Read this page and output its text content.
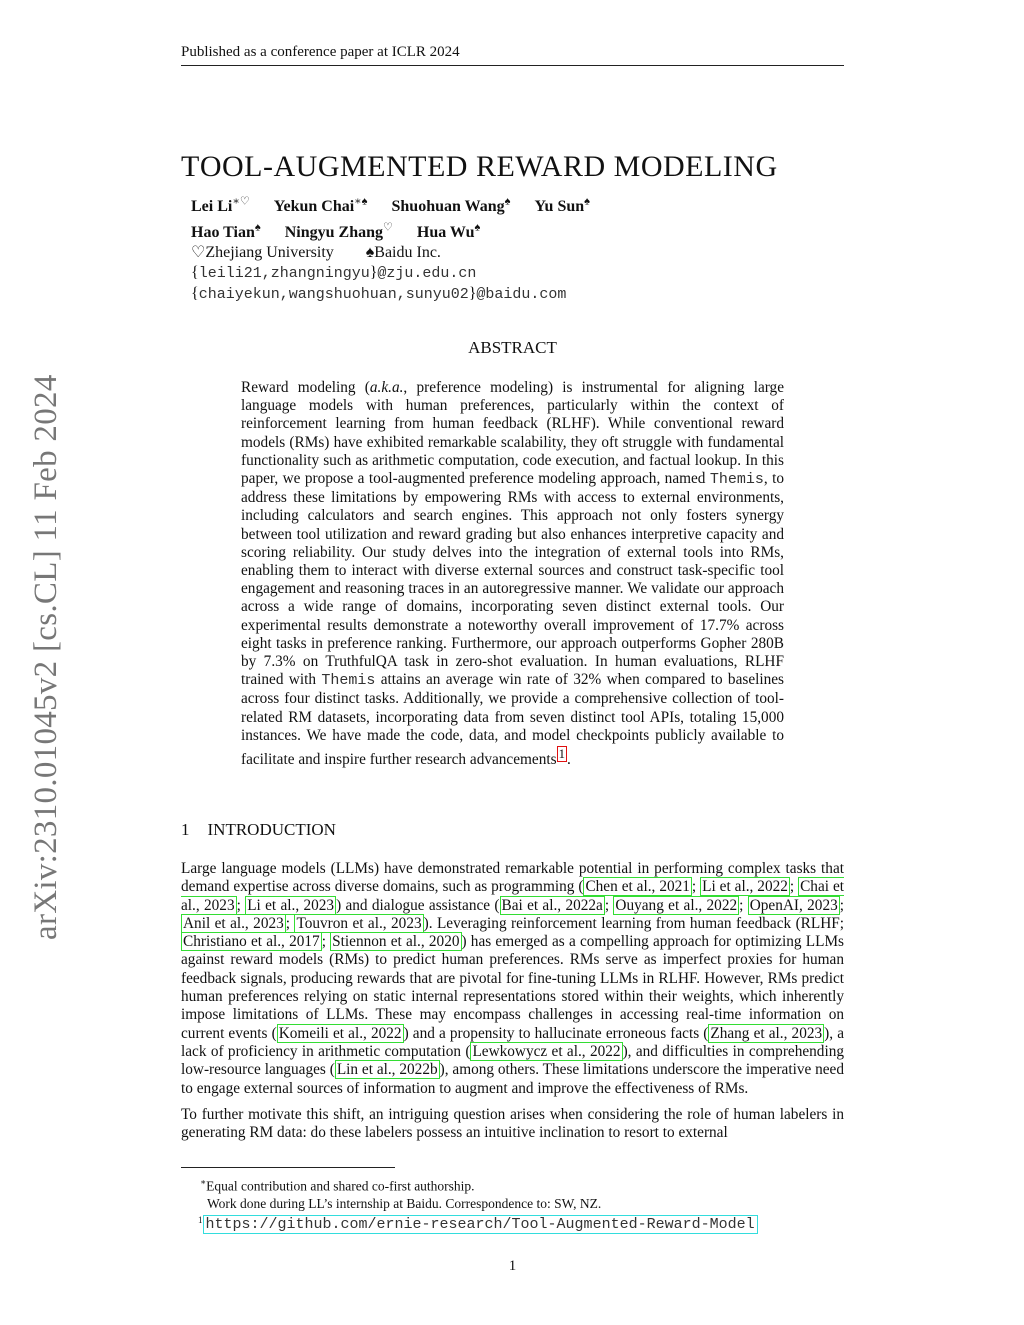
Published as a conference paper at ICLR 2024
arXiv:2310.01045v2 [cs.CL] 11 Feb 2024
TOOL-AUGMENTED REWARD MODELING
Lei Li∗♡ Yekun Chai∗♠ Shuohuan Wang♠ Yu Sun♠
Hao Tian♠ Ningyu Zhang♡ Hua Wu♠
♡Zhejiang University ♠Baidu Inc.
{leili21,zhangningyu}@zju.edu.cn
{chaiyekun,wangshuohuan,sunyu02}@baidu.com
ABSTRACT
Reward modeling (a.k.a., preference modeling) is instrumental for aligning large language models with human preferences, particularly within the context of reinforcement learning from human feedback (RLHF). While conventional reward models (RMs) have exhibited remarkable scalability, they oft struggle with fundamental functionality such as arithmetic computation, code execution, and factual lookup. In this paper, we propose a tool-augmented preference modeling approach, named Themis, to address these limitations by empowering RMs with access to external environments, including calculators and search engines. This approach not only fosters synergy between tool utilization and reward grading but also enhances interpretive capacity and scoring reliability. Our study delves into the integration of external tools into RMs, enabling them to interact with diverse external sources and construct task-specific tool engagement and reasoning traces in an autoregressive manner. We validate our approach across a wide range of domains, incorporating seven distinct external tools. Our experimental results demonstrate a noteworthy overall improvement of 17.7% across eight tasks in preference ranking. Furthermore, our approach outperforms Gopher 280B by 7.3% on TruthfulQA task in zero-shot evaluation. In human evaluations, RLHF trained with Themis attains an average win rate of 32% when compared to baselines across four distinct tasks. Additionally, we provide a comprehensive collection of tool-related RM datasets, incorporating data from seven distinct tool APIs, totaling 15,000 instances. We have made the code, data, and model checkpoints publicly available to facilitate and inspire further research advancements $^1$ .
1 INTRODUCTION

Large language models (LLMs) have demonstrated remarkable potential in performing complex tasks that demand expertise across diverse domains, such as programming ( Chen et al., 2021 ; Li et al., 2022 ; Chai et al., 2023 ; Li et al., 2023 ) and dialogue assistance ( Bai et al., 2022a ; Ouyang et al., 2022 ; OpenAI, 2023 ; Anil et al., 2023 ; Touvron et al., 2023 ). Leveraging reinforcement learning from human feedback (RLHF; Christiano et al., 2017 ; Stiennon et al., 2020 ) has emerged as a compelling approach for optimizing LLMs against reward models (RMs) to predict human preferences. RMs serve as imperfect proxies for human feedback signals, producing rewards that are pivotal for fine-tuning LLMs in RLHF. However, RMs predict human preferences relying on static internal representations stored within their weights, which inherently impose limitations of LLMs. These may encompass challenges in accessing real-time information on current events ( Komeili et al., 2022 ) and a propensity to hallucinate erroneous facts ( Zhang et al., 2023 ), a lack of proficiency in arithmetic computation ( Lewkowycz et al., 2022 ), and difficulties in comprehending low-resource languages ( Lin et al., 2022b ), among others. These limitations underscore the imperative need to engage external sources of information to augment and improve the effectiveness of RMs.

To further motivate this shift, an intriguing question arises when considering the role of human labelers in generating RM data: do these labelers possess an intuitive inclination to resort to external

∗Equal contribution and shared co-first authorship.
Work done during LL’s internship at Baidu. Correspondence to: SW, NZ.
$^1$ https://github.com/ernie-research/Tool-Augmented-Reward-Model
1
